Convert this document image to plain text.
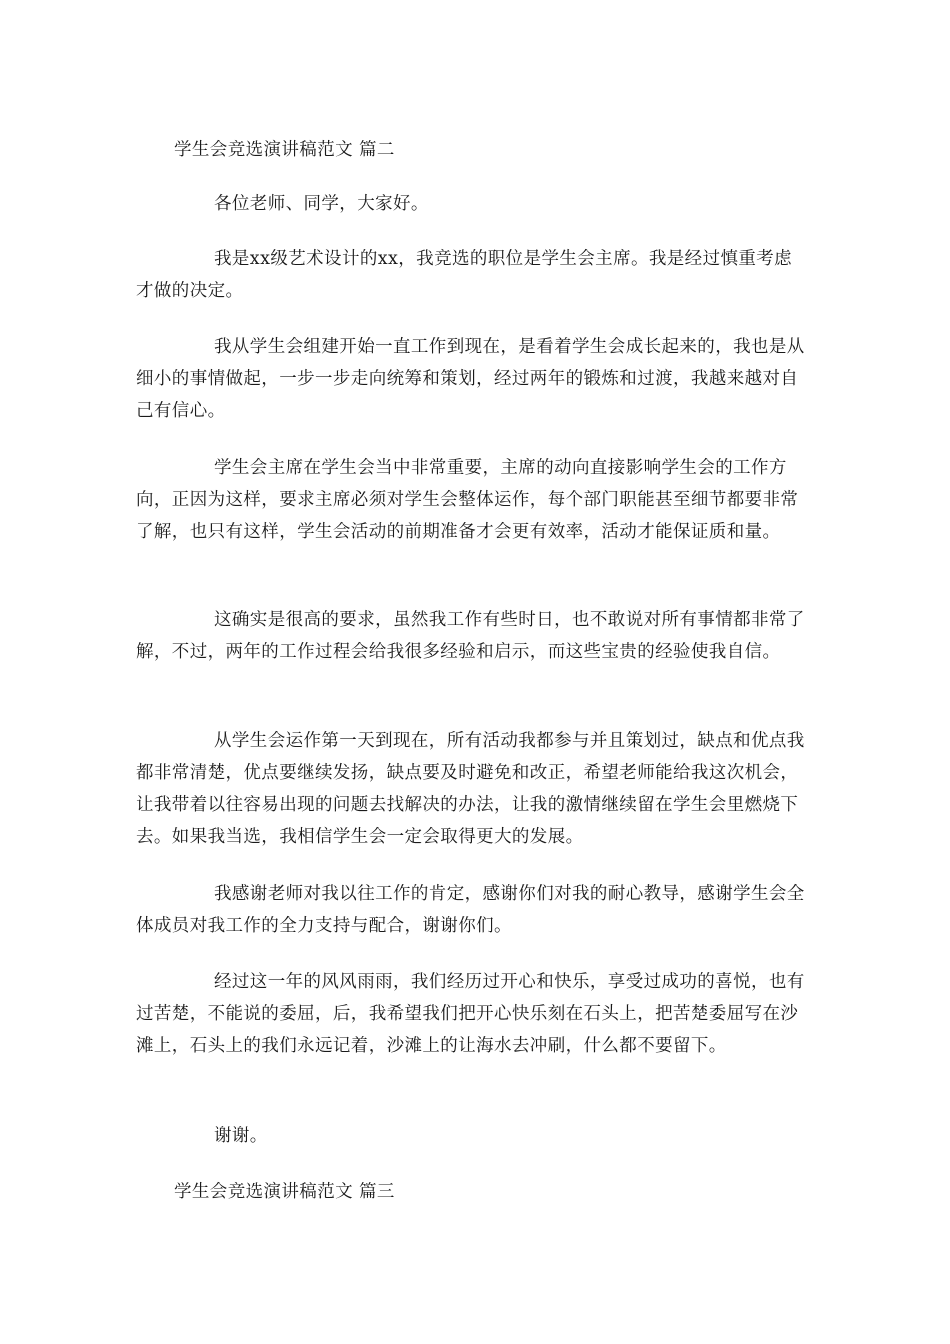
学生会竞选演讲稿范文 篇二

各位老师、同学，大家好。

我是xx级艺术设计的xx，我竞选的职位是学生会主席。我是经过慎重考虑才做的决定。

我从学生会组建开始一直工作到现在，是看着学生会成长起来的，我也是从细小的事情做起，一步一步走向统筹和策划，经过两年的锻炼和过渡，我越来越对自己有信心。

学生会主席在学生会当中非常重要，主席的动向直接影响学生会的工作方向，正因为这样，要求主席必须对学生会整体运作，每个部门职能甚至细节都要非常了解，也只有这样，学生会活动的前期准备才会更有效率，活动才能保证质和量。

这确实是很高的要求，虽然我工作有些时日，也不敢说对所有事情都非常了解，不过，两年的工作过程会给我很多经验和启示，而这些宝贵的经验使我自信。

从学生会运作第一天到现在，所有活动我都参与并且策划过，缺点和优点我都非常清楚，优点要继续发扬，缺点要及时避免和改正，希望老师能给我这次机会，让我带着以往容易出现的问题去找解决的办法，让我的激情继续留在学生会里燃烧下去。如果我当选，我相信学生会一定会取得更大的发展。

我感谢老师对我以往工作的肯定，感谢你们对我的耐心教导，感谢学生会全体成员对我工作的全力支持与配合，谢谢你们。

经过这一年的风风雨雨，我们经历过开心和快乐，享受过成功的喜悦，也有过苦楚，不能说的委屈，后，我希望我们把开心快乐刻在石头上，把苦楚委屈写在沙滩上，石头上的我们永远记着，沙滩上的让海水去冲刷，什么都不要留下。

谢谢。

学生会竞选演讲稿范文 篇三
